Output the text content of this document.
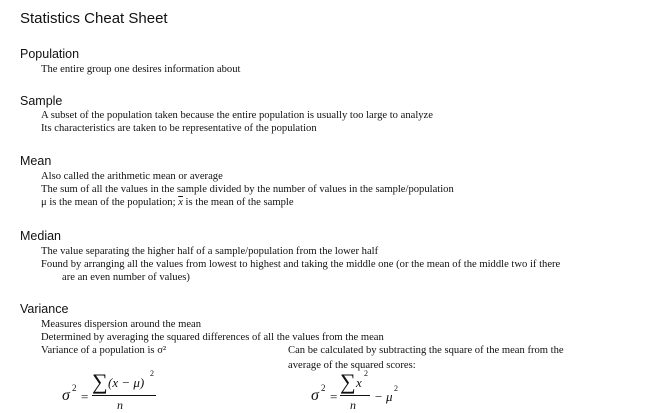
Statistics Cheat Sheet
Population
The entire group one desires information about
Sample
A subset of the population taken because the entire population is usually too large to analyze
Its characteristics are taken to be representative of the population
Mean
Also called the arithmetic mean or average
The sum of all the values in the sample divided by the number of values in the sample/population
μ is the mean of the population; $\overline{x}$ is the mean of the sample
Median
The value separating the higher half of a sample/population from the lower half
Found by arranging all the values from lowest to highest and taking the middle one (or the mean of the middle two if there
are an even number of values)
Variance
Measures dispersion around the mean
Determined by averaging the squared differences of all the values from the mean
Variance of a population is σ²	Can be calculated by subtracting the square of the mean from the
average of the squared scores:
σ 2
=
∑ (x − μ)
2
n
σ 2
=
∑ x
2
n
− μ
2
